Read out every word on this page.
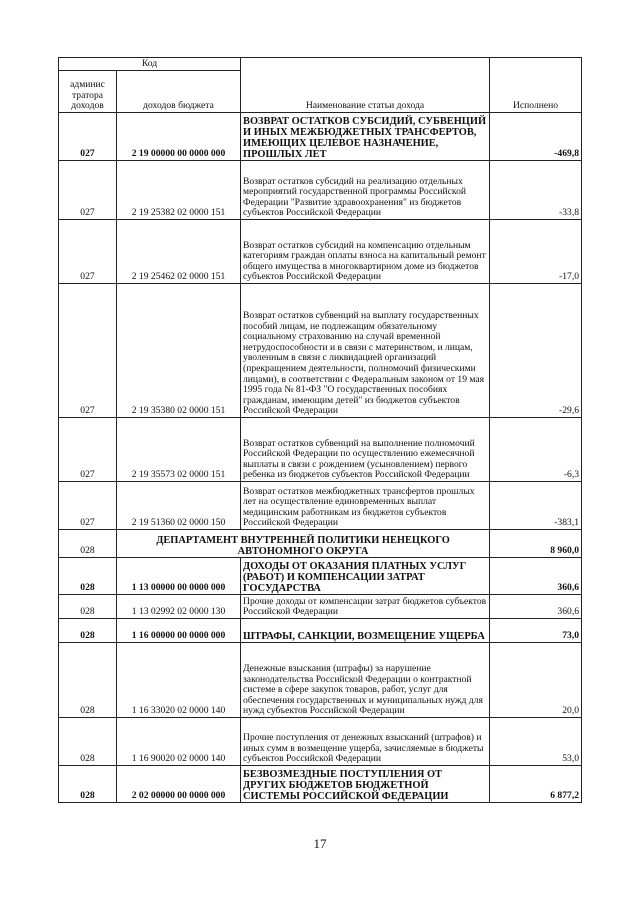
Код		Наименование статьи дохода	Исполнено
админис тратора доходов	доходов бюджета		
027	2 19 00000 00 0000 000	ВОЗВРАТ ОСТАТКОВ СУБСИДИЙ, СУБВЕНЦИЙ И ИНЫХ МЕЖБЮДЖЕТНЫХ ТРАНСФЕРТОВ, ИМЕЮЩИХ ЦЕЛЕВОЕ НАЗНАЧЕНИЕ, ПРОШЛЫХ ЛЕТ	-469,8
027	2 19 25382 02 0000 151	Возврат остатков субсидий на реализацию отдельных мероприятий государственной программы Российской Федерации "Развитие здравоохранения" из бюджетов субъектов Российской Федерации	-33,8
027	2 19 25462 02 0000 151	Возврат остатков субсидий на компенсацию отдельным категориям граждан оплаты взноса на капитальный ремонт общего имущества в многоквартирном доме из бюджетов субъектов Российской Федерации	-17,0
027	2 19 35380 02 0000 151	Возврат остатков субвенций на выплату государственных пособий лицам, не подлежащим обязательному социальному страхованию на случай временной нетрудоспособности и в связи с материнством, и лицам, уволенным в связи с ликвидацией организаций (прекращением деятельности, полномочий физическими лицами), в соответствии с Федеральным законом от 19 мая 1995 года № 81-ФЗ "О государственных пособиях гражданам, имеющим детей" из бюджетов субъектов Российской Федерации	-29,6
027	2 19 35573 02 0000 151	Возврат остатков субвенций на выполнение полномочий Российской Федерации по осуществлению ежемесячной выплаты в связи с рождением (усыновлением) первого ребенка из бюджетов субъектов Российской Федерации	-6,3
027	2 19 51360 02 0000 150	Возврат остатков межбюджетных трансфертов прошлых лет на осуществление единовременных выплат медицинским работникам из бюджетов субъектов Российской Федерации	-383,1
028	ДЕПАРТАМЕНТ ВНУТРЕННЕЙ ПОЛИТИКИ НЕНЕЦКОГО АВТОНОМНОГО ОКРУГА		8 960,0
028	1 13 00000 00 0000 000	ДОХОДЫ ОТ ОКАЗАНИЯ ПЛАТНЫХ УСЛУГ (РАБОТ) И КОМПЕНСАЦИИ ЗАТРАТ ГОСУДАРСТВА	360,6
028	1 13 02992 02 0000 130	Прочие доходы от компенсации затрат бюджетов субъектов Российской Федерации	360,6
028	1 16 00000 00 0000 000	ШТРАФЫ, САНКЦИИ, ВОЗМЕЩЕНИЕ УЩЕРБА	73,0
028	1 16 33020 02 0000 140	Денежные взыскания (штрафы) за нарушение законодательства Российской Федерации о контрактной системе в сфере закупок товаров, работ, услуг для обеспечения государственных и муниципальных нужд для нужд субъектов Российской Федерации	20,0
028	1 16 90020 02 0000 140	Прочие поступления от денежных взысканий (штрафов) и иных сумм в возмещение ущерба, зачисляемые в бюджеты субъектов Российской Федерации	53,0
028	2 02 00000 00 0000 000	БЕЗВОЗМЕЗДНЫЕ ПОСТУПЛЕНИЯ ОТ ДРУГИХ БЮДЖЕТОВ БЮДЖЕТНОЙ СИСТЕМЫ РОССИЙСКОЙ ФЕДЕРАЦИИ	6 877,2
17
